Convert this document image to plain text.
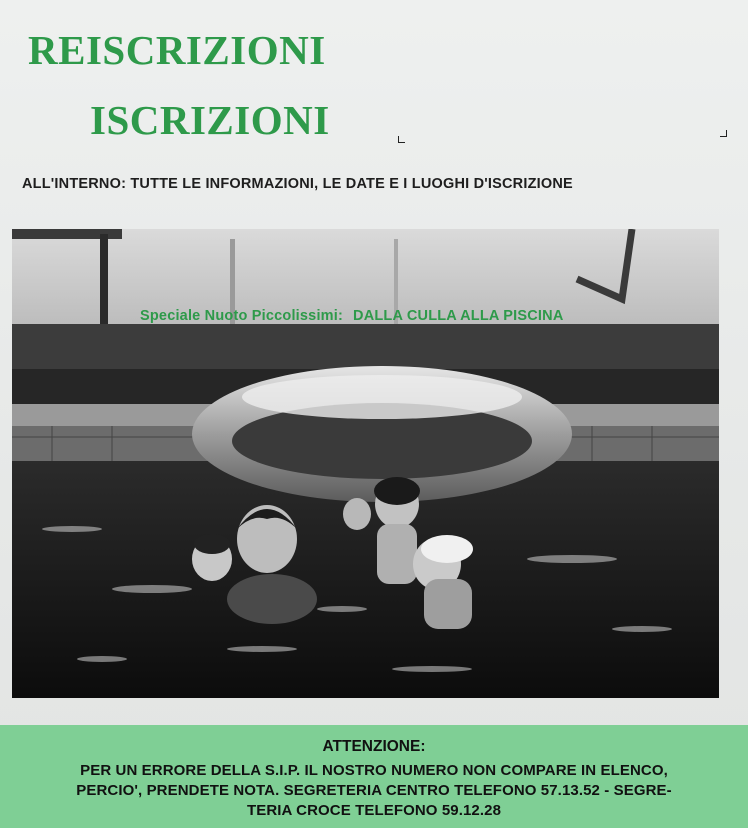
REISCRIZIONI
ISCRIZIONI

ALL'INTERNO: TUTTE LE INFORMAZIONI, LE DATE E I LUOGHI D'ISCRIZIONE

Speciale Nuoto Piccolissimi: DALLA CULLA ALLA PISCINA

ATTENZIONE:

PER UN ERRORE DELLA S.I.P. IL NOSTRO NUMERO NON COMPARE IN ELENCO,

PERCIO', PRENDETE NOTA. SEGRETERIA CENTRO TELEFONO 57.13.52 - SEGRE-

TERIA CROCE TELEFONO 59.12.28
